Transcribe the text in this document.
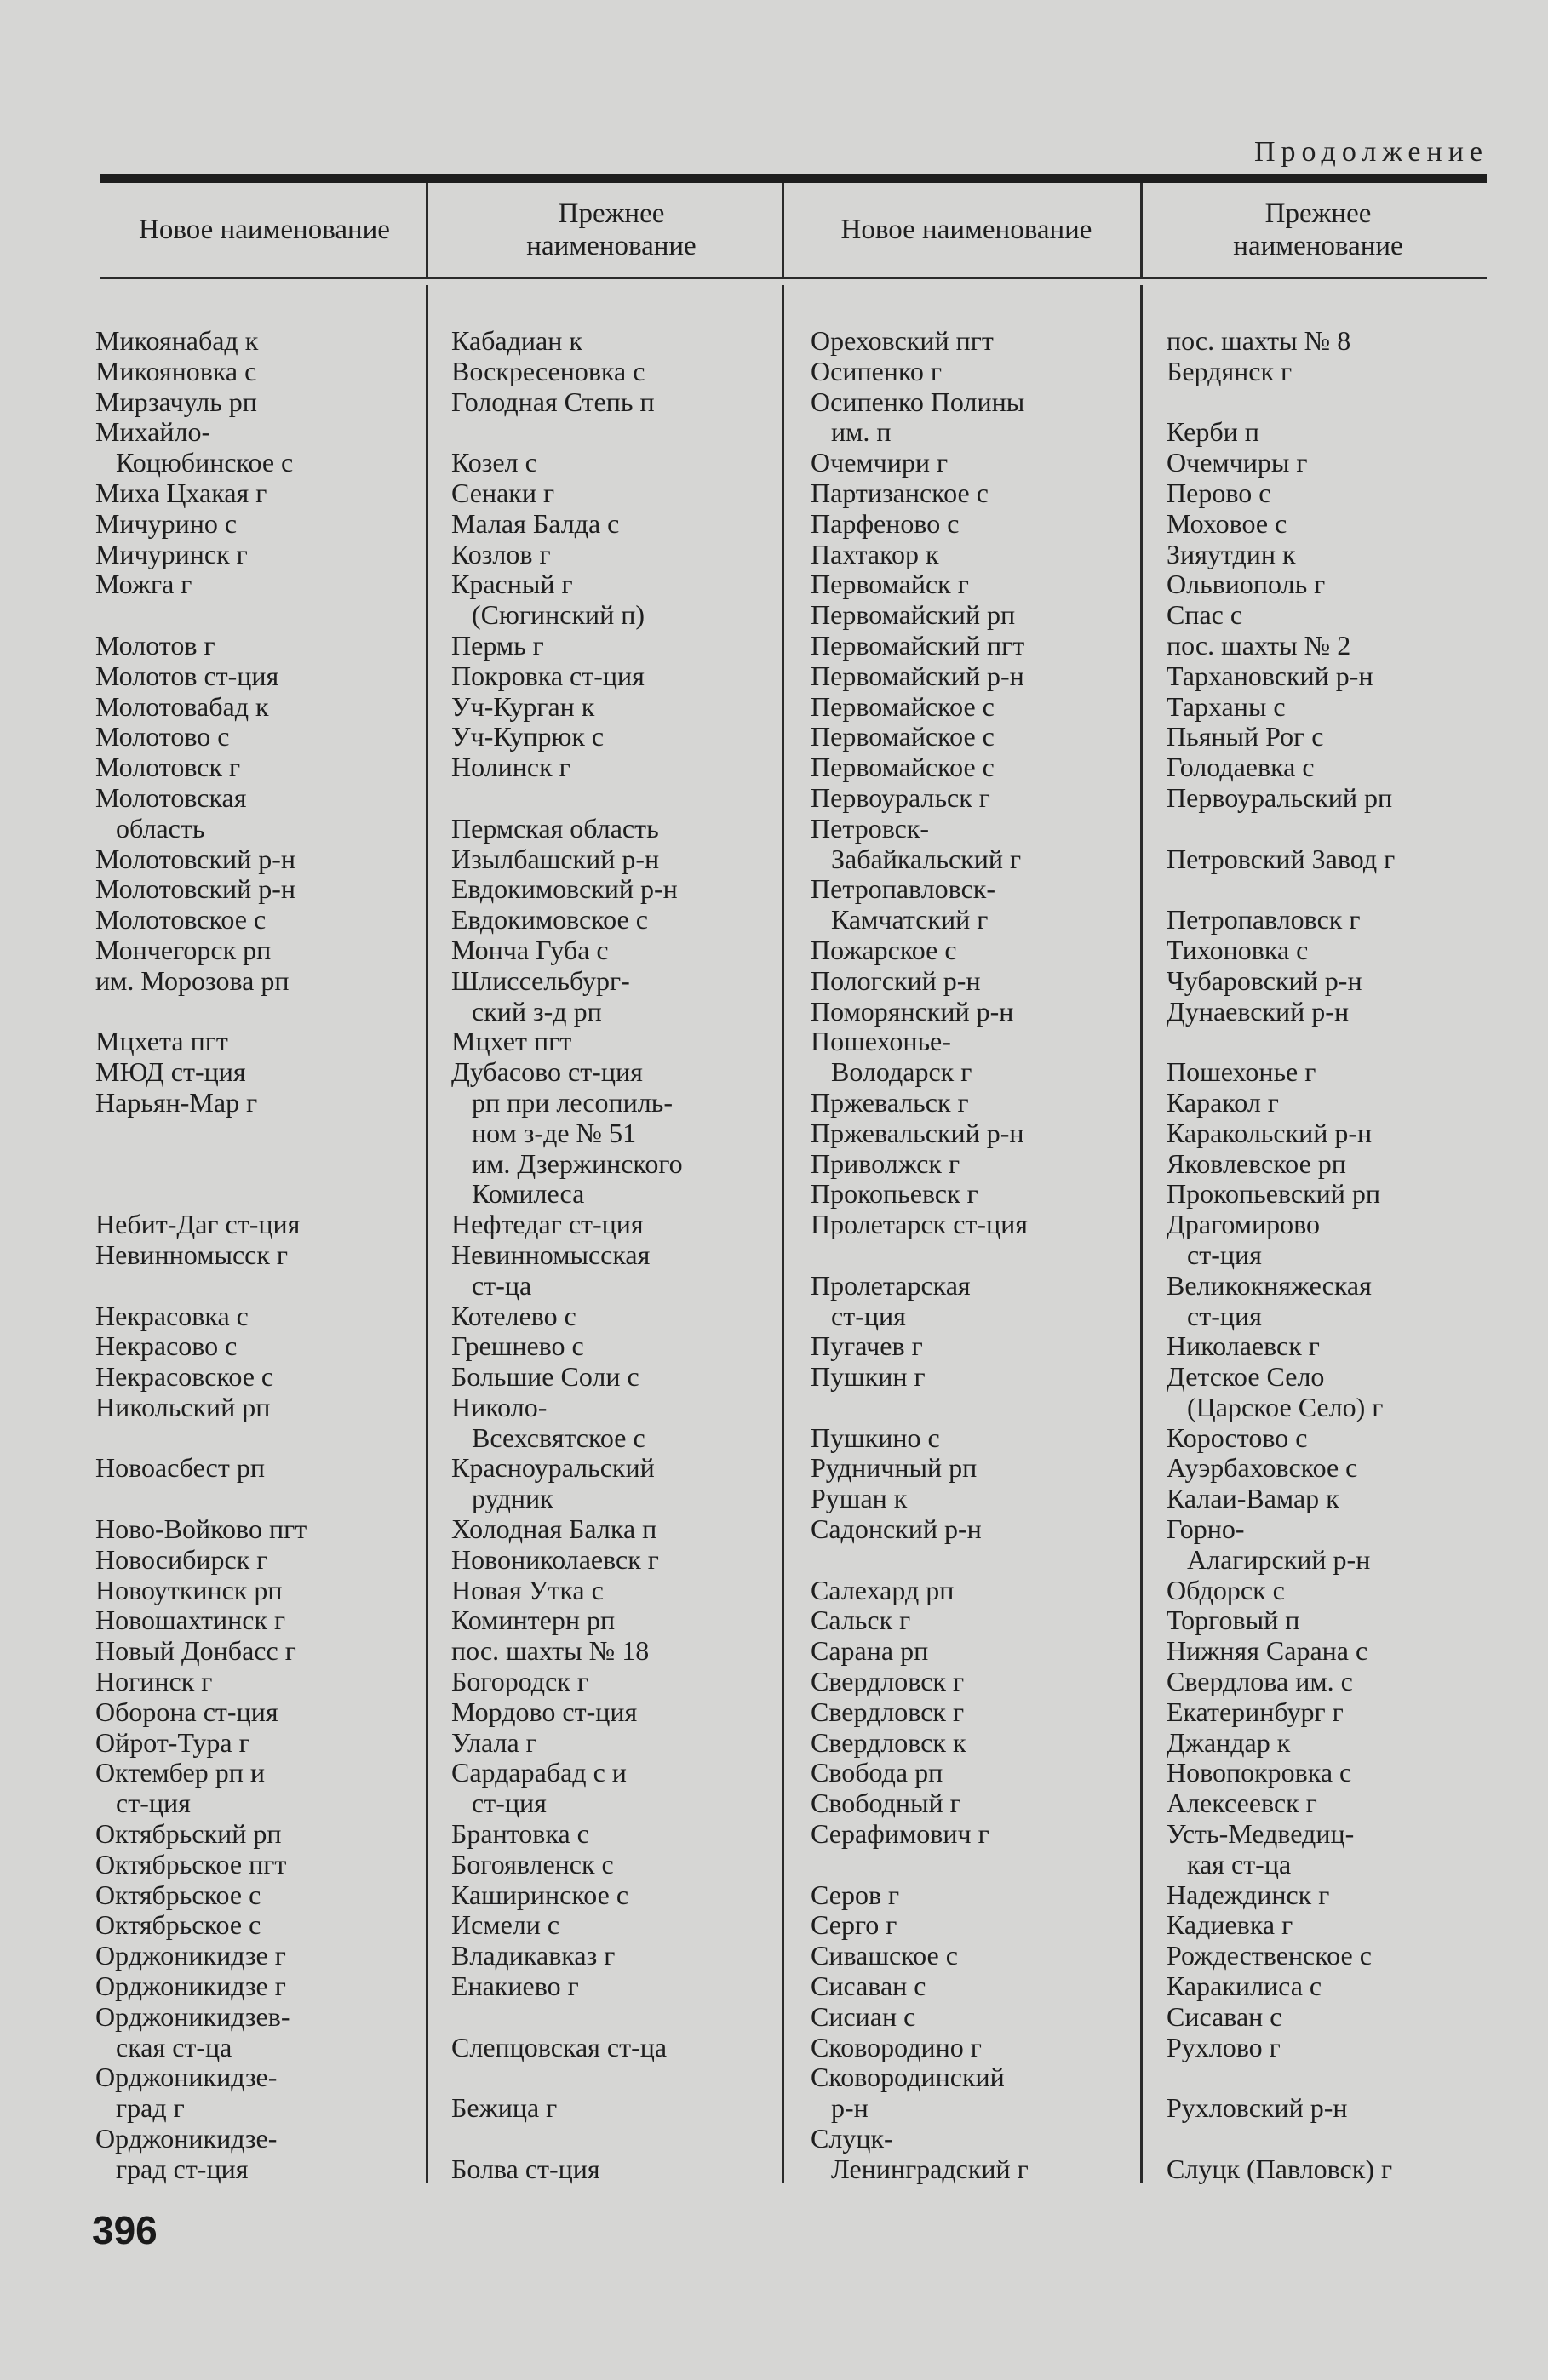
Продолжение
Новое наименование
Прежнее наименование
Новое наименование
Прежнее наименование
Микоянабад к
Микояновка с
Мирзачуль рп
Михайло-
Коцюбинское с
Миха Цхакая г
Мичурино с
Мичуринск г
Можга г
Молотов г
Молотов ст-ция
Молотовабад к
Молотово с
Молотовск г
Молотовская
область
Молотовский р-н
Молотовский р-н
Молотовское с
Мончегорск рп
им. Морозова рп
Мцхета пгт
МЮД ст-ция
Нарьян-Мар г
Небит-Даг ст-ция
Невинномысск г
Некрасовка с
Некрасово с
Некрасовское с
Никольский рп
Новоасбест рп
Ново-Войково пгт
Новосибирск г
Новоуткинск рп
Новошахтинск г
Новый Донбасс г
Ногинск г
Оборона ст-ция
Ойрот-Тура г
Октембер рп и
ст-ция
Октябрьский рп
Октябрьское пгт
Октябрьское с
Октябрьское с
Орджоникидзе г
Орджоникидзе г
Орджоникидзев-
ская ст-ца
Орджоникидзе-
град г
Орджоникидзе-
град ст-ция
Кабадиан к
Воскресеновка с
Голодная Степь п
Козел с
Сенаки г
Малая Балда с
Козлов г
Красный г
(Сюгинский п)
Пермь г
Покровка ст-ция
Уч-Курган к
Уч-Купрюк с
Нолинск г
Пермская область
Изылбашский р-н
Евдокимовский р-н
Евдокимовское с
Монча Губа с
Шлиссельбург-
ский з-д рп
Мцхет пгт
Дубасово ст-ция
рп при лесопиль-
ном з-де № 51
им. Дзержинского
Комилеса
Нефтедаг ст-ция
Невинномысская
ст-ца
Котелево с
Грешнево с
Большие Соли с
Николо-
Всехсвятское с
Красноуральский
рудник
Холодная Балка п
Новониколаевск г
Новая Утка с
Коминтерн рп
пос. шахты № 18
Богородск г
Мордово ст-ция
Улала г
Сардарабад с и
ст-ция
Брантовка с
Богоявленск с
Каширинское с
Исмели с
Владикавказ г
Енакиево г
Слепцовская ст-ца
Бежица г
Болва ст-ция
Ореховский пгт
Осипенко г
Осипенко Полины
им. п
Очемчири г
Партизанское с
Парфеново с
Пахтакор к
Первомайск г
Первомайский рп
Первомайский пгт
Первомайский р-н
Первомайское с
Первомайское с
Первомайское с
Первоуральск г
Петровск-
Забайкальский г
Петропавловск-
Камчатский г
Пожарское с
Пологский р-н
Поморянский р-н
Пошехонье-
Володарск г
Пржевальск г
Пржевальский р-н
Приволжск г
Прокопьевск г
Пролетарск ст-ция
Пролетарская
ст-ция
Пугачев г
Пушкин г
Пушкино с
Рудничный рп
Рушан к
Садонский р-н
Салехард рп
Сальск г
Сарана рп
Свердловск г
Свердловск г
Свердловск к
Свобода рп
Свободный г
Серафимович г
Серов г
Серго г
Сивашское с
Сисаван с
Сисиан с
Сковородино г
Сковородинский
р-н
Слуцк-
Ленинградский г
пос. шахты № 8
Бердянск г
Керби п
Очемчиры г
Перово с
Моховое с
Зияутдин к
Ольвиополь г
Спас с
пос. шахты № 2
Тархановский р-н
Тарханы с
Пьяный Рог с
Голодаевка с
Первоуральский рп
Петровский Завод г
Петропавловск г
Тихоновка с
Чубаровский р-н
Дунаевский р-н
Пошехонье г
Каракол г
Каракольский р-н
Яковлевское рп
Прокопьевский рп
Драгомирово
ст-ция
Великокняжеская
ст-ция
Николаевск г
Детское Село
(Царское Село) г
Коростово с
Ауэрбаховское с
Калаи-Вамар к
Горно-
Алагирский р-н
Обдорск с
Торговый п
Нижняя Сарана с
Свердлова им. с
Екатеринбург г
Джандар к
Новопокровка с
Алексеевск г
Усть-Медведиц-
кая ст-ца
Надеждинск г
Кадиевка г
Рождественское с
Каракилиса с
Сисаван с
Рухлово г
Рухловский р-н
Слуцк (Павловск) г
396
